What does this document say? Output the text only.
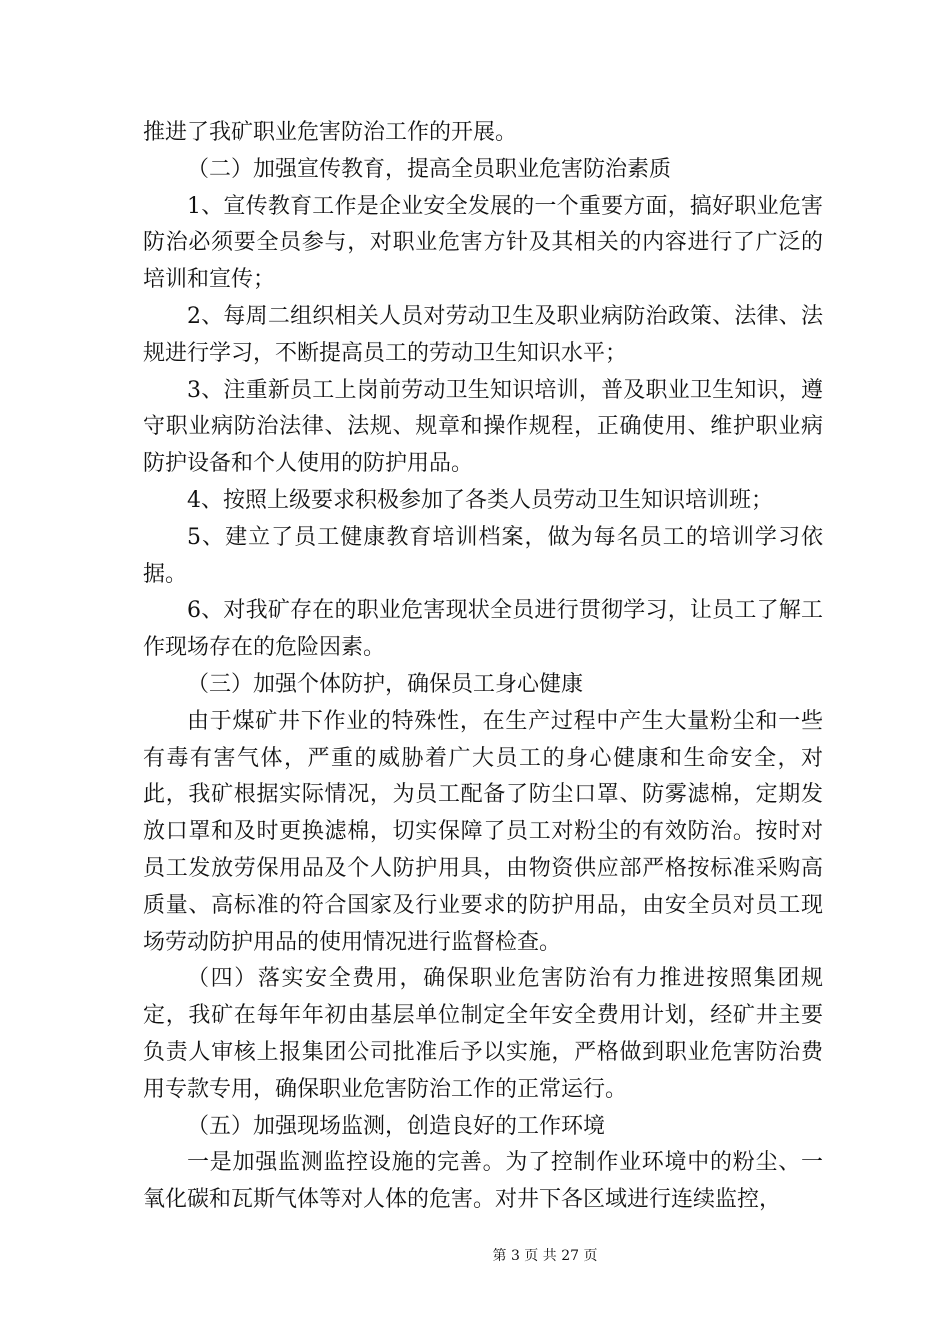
推进了我矿职业危害防治工作的开展。

（二）加强宣传教育，提高全员职业危害防治素质

1、宣传教育工作是企业安全发展的一个重要方面，搞好职业危害防治必须要全员参与，对职业危害方针及其相关的内容进行了广泛的培训和宣传；

2、每周二组织相关人员对劳动卫生及职业病防治政策、法律、法规进行学习，不断提高员工的劳动卫生知识水平；

3、注重新员工上岗前劳动卫生知识培训，普及职业卫生知识，遵守职业病防治法律、法规、规章和操作规程，正确使用、维护职业病防护设备和个人使用的防护用品。

4、按照上级要求积极参加了各类人员劳动卫生知识培训班；

5、建立了员工健康教育培训档案，做为每名员工的培训学习依据。

6、对我矿存在的职业危害现状全员进行贯彻学习，让员工了解工作现场存在的危险因素。

（三）加强个体防护，确保员工身心健康

由于煤矿井下作业的特殊性，在生产过程中产生大量粉尘和一些有毒有害气体，严重的威胁着广大员工的身心健康和生命安全，对此，我矿根据实际情况，为员工配备了防尘口罩、防雾滤棉，定期发放口罩和及时更换滤棉，切实保障了员工对粉尘的有效防治。按时对员工发放劳保用品及个人防护用具，由物资供应部严格按标准采购高质量、高标准的符合国家及行业要求的防护用品，由安全员对员工现场劳动防护用品的使用情况进行监督检查。

（四）落实安全费用，确保职业危害防治有力推进按照集团规定，我矿在每年年初由基层单位制定全年安全费用计划，经矿井主要负责人审核上报集团公司批准后予以实施，严格做到职业危害防治费用专款专用，确保职业危害防治工作的正常运行。

（五）加强现场监测，创造良好的工作环境

一是加强监测监控设施的完善。为了控制作业环境中的粉尘、一氧化碳和瓦斯气体等对人体的危害。对井下各区域进行连续监控，

第 3 页 共 27 页
